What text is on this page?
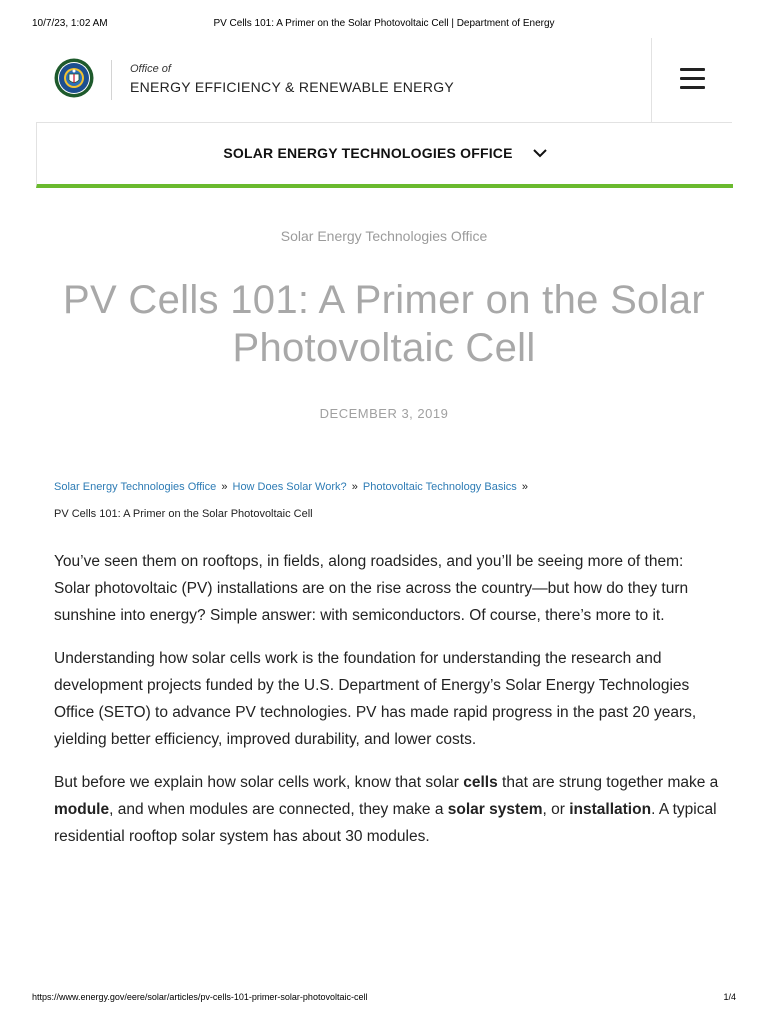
10/7/23, 1:02 AM	PV Cells 101: A Primer on the Solar Photovoltaic Cell | Department of Energy
Office of
ENERGY EFFICIENCY & RENEWABLE ENERGY
SOLAR ENERGY TECHNOLOGIES OFFICE
Solar Energy Technologies Office
PV Cells 101: A Primer on the Solar Photovoltaic Cell
DECEMBER 3, 2019
Solar Energy Technologies Office » How Does Solar Work? » Photovoltaic Technology Basics »
PV Cells 101: A Primer on the Solar Photovoltaic Cell

You’ve seen them on rooftops, in fields, along roadsides, and you’ll be seeing more of them: Solar photovoltaic (PV) installations are on the rise across the country—but how do they turn sunshine into energy? Simple answer: with semiconductors. Of course, there’s more to it.

Understanding how solar cells work is the foundation for understanding the research and development projects funded by the U.S. Department of Energy’s Solar Energy Technologies Office (SETO) to advance PV technologies. PV has made rapid progress in the past 20 years, yielding better efficiency, improved durability, and lower costs.

But before we explain how solar cells work, know that solar cells that are strung together make a module, and when modules are connected, they make a solar system, or installation. A typical residential rooftop solar system has about 30 modules.

https://www.energy.gov/eere/solar/articles/pv-cells-101-primer-solar-photovoltaic-cell	1/4
